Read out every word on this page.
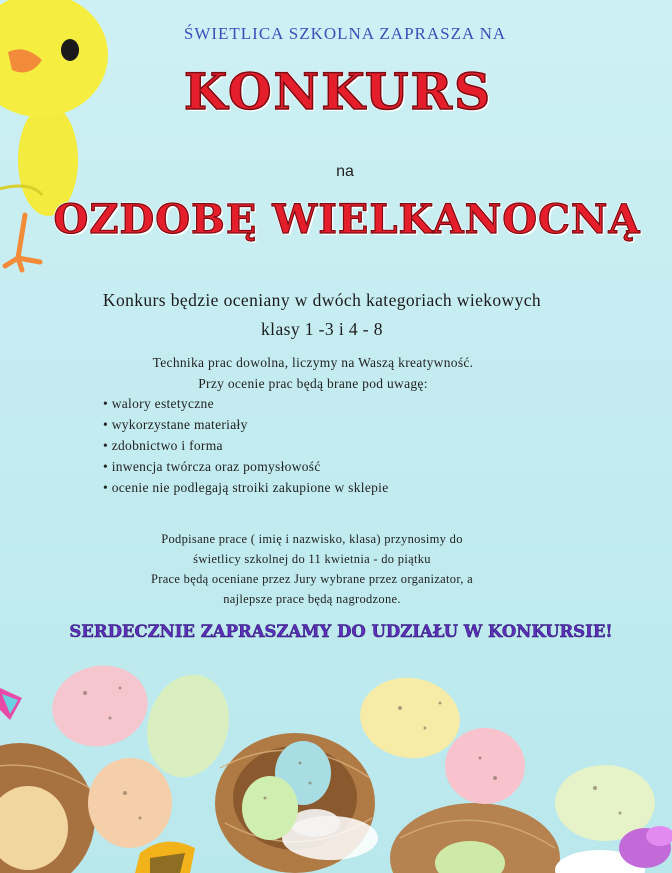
ŚWIETLICA SZKOLNA ZAPRASZA NA
KONKURS
na
OZDOBĘ WIELKANOCNĄ
Konkurs będzie oceniany w dwóch kategoriach wiekowych
klasy 1 -3 i 4 - 8
Technika prac dowolna, liczymy na Waszą kreatywność.
Przy ocenie prac będą brane pod uwagę:
• walory estetyczne
• wykorzystane materiały
• zdobnictwo i forma
• inwencja twórcza oraz pomysłowość
• ocenie nie podlegają stroiki zakupione w sklepie
Podpisane prace ( imię i nazwisko, klasa) przynosimy do
świetlicy szkolnej do 11 kwietnia - do piątku
Prace będą oceniane przez Jury wybrane przez organizator, a
najlepsze prace będą nagrodzone.
SERDECZNIE ZAPRASZAMY DO UDZIAŁU W KONKURSIE!
